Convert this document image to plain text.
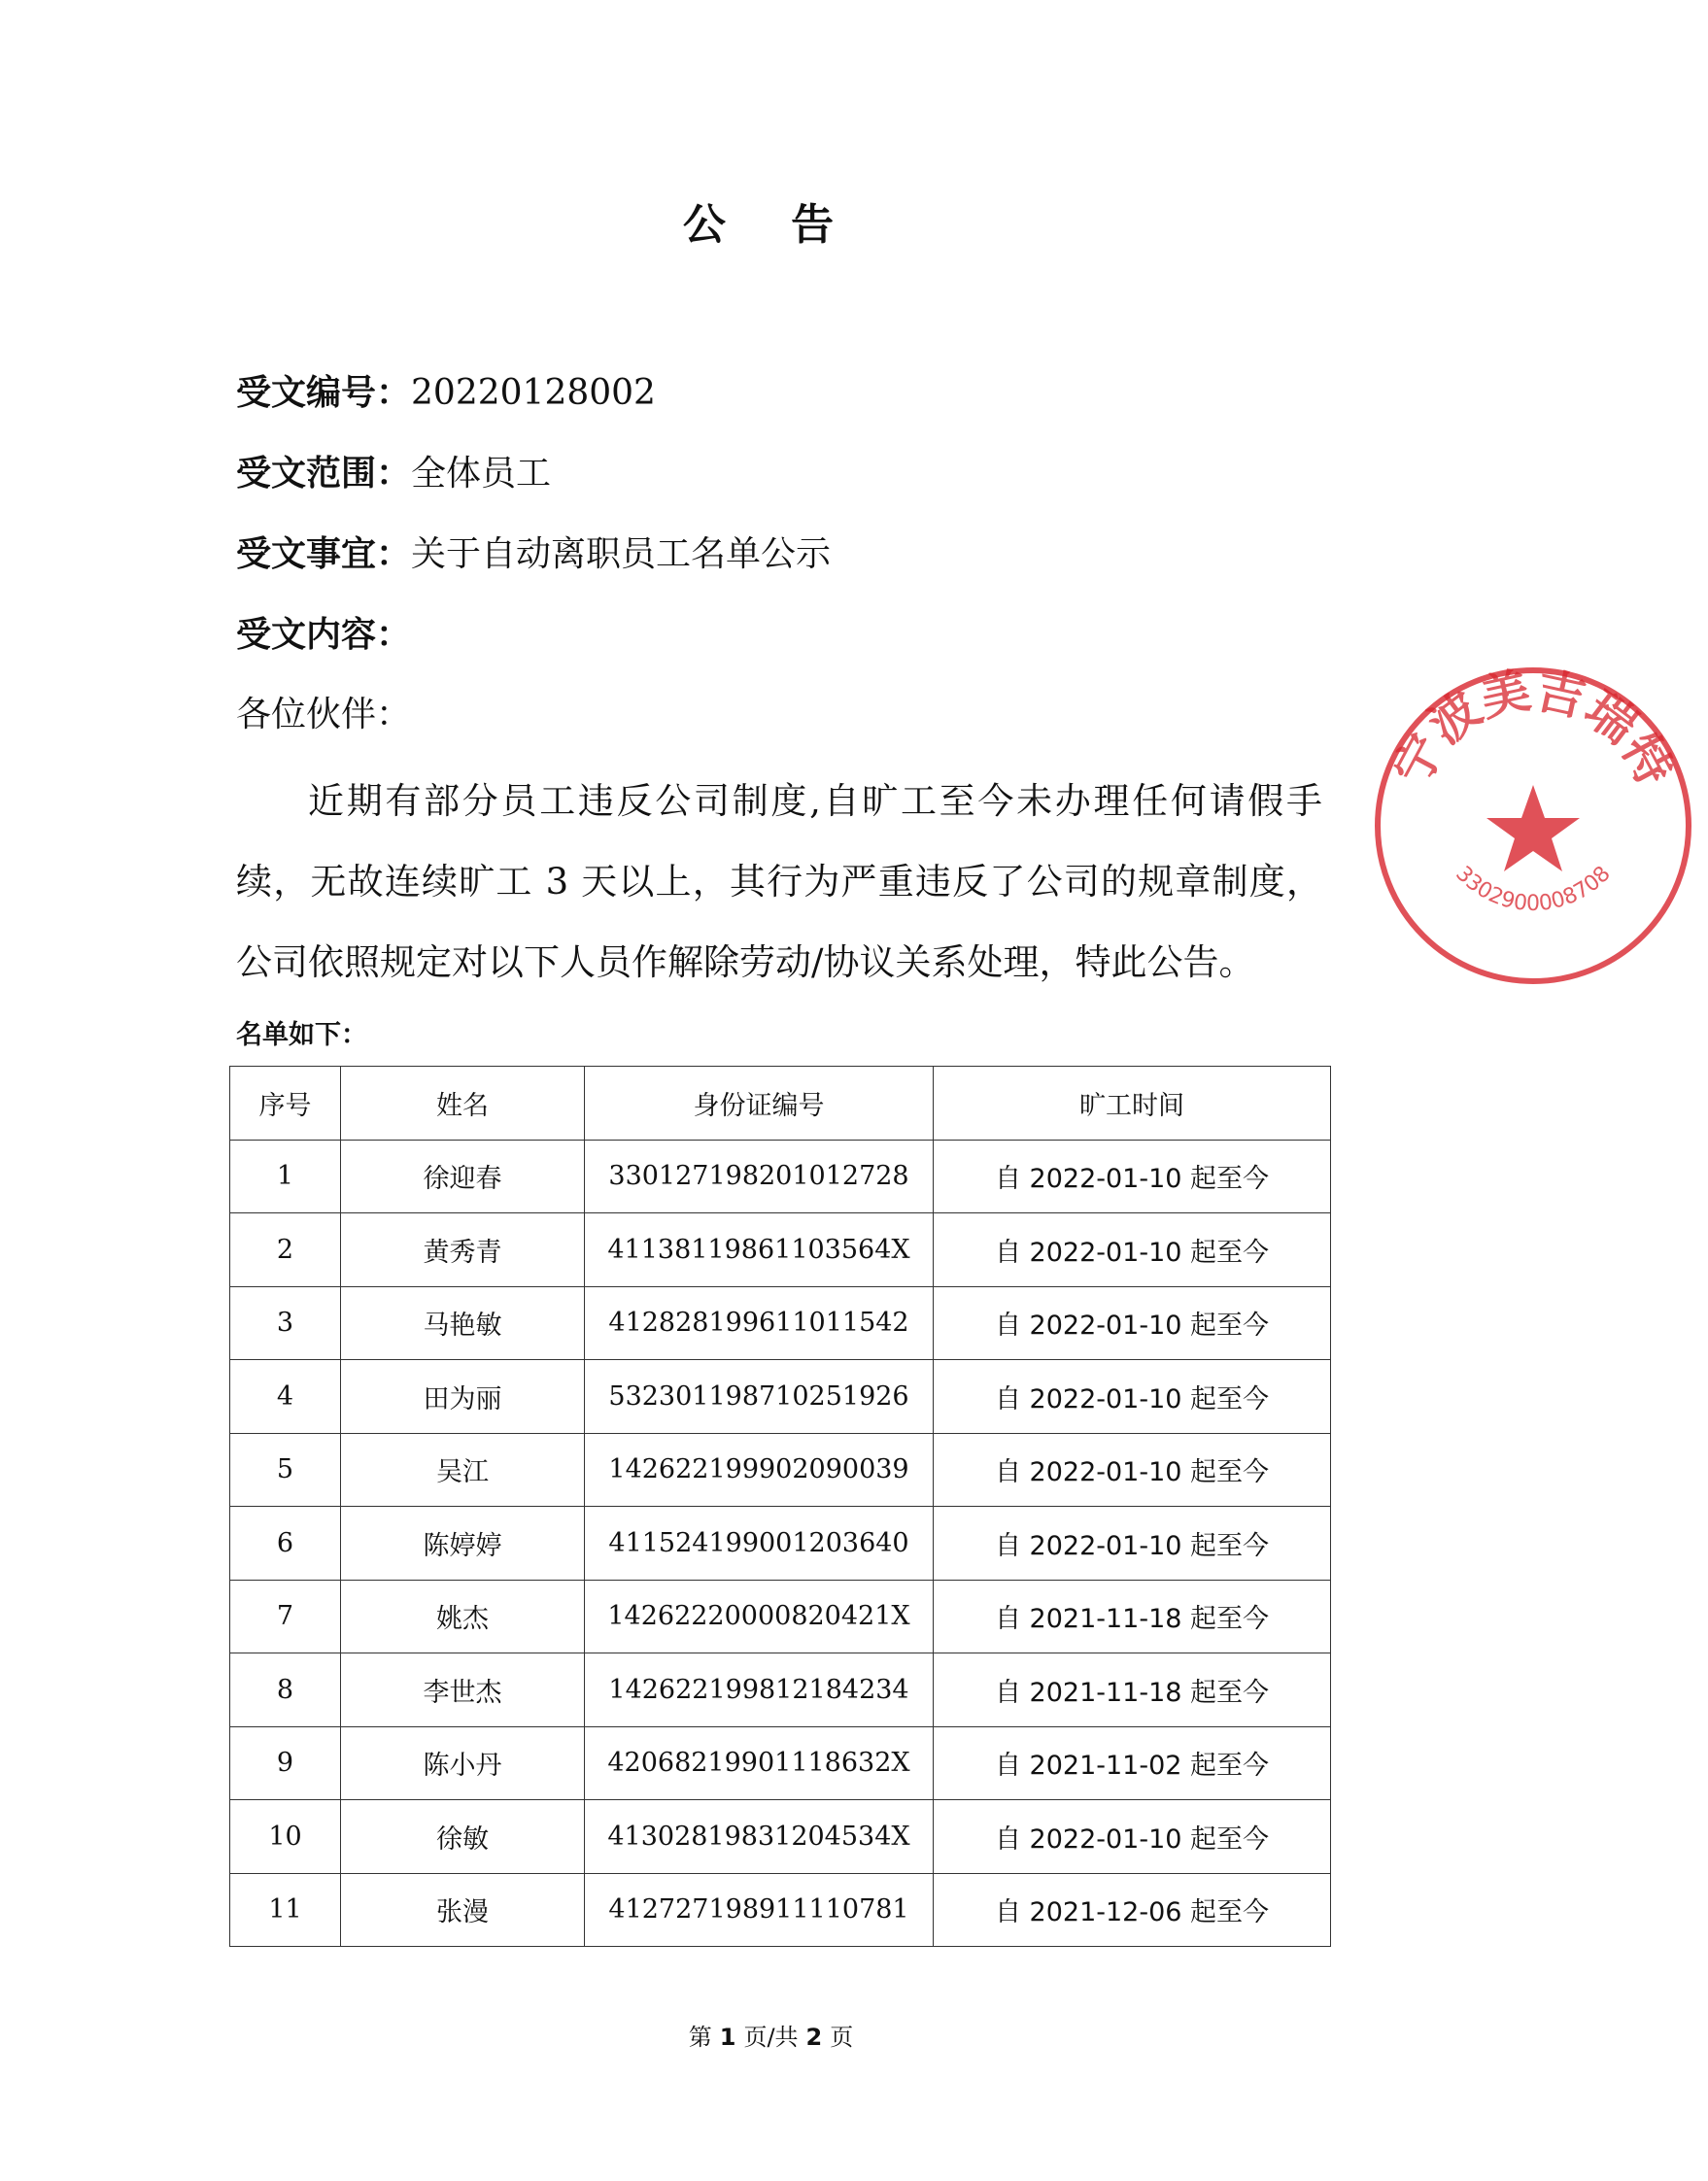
公 告
受文编号：20220128002
受文范围：全体员工
受文事宜：关于自动离职员工名单公示
受文内容：
各位伙伴：
近期有部分员工违反公司制度,自旷工至今未办理任何请假手续，无故连续旷工 3 天以上，其行为严重违反了公司的规章制度，公司依照规定对以下人员作解除劳动/协议关系处理，特此公告。
名单如下：
序号	姓名	身份证编号	旷工时间
1	徐迎春	330127198201012728	自 2022-01-10 起至今
2	黄秀青	41138119861103564X	自 2022-01-10 起至今
3	马艳敏	412828199611011542	自 2022-01-10 起至今
4	田为丽	532301198710251926	自 2022-01-10 起至今
5	吴江	142622199902090039	自 2022-01-10 起至今
6	陈婷婷	411524199001203640	自 2022-01-10 起至今
7	姚杰	14262220000820421X	自 2021-11-18 起至今
8	李世杰	142622199812184234	自 2021-11-18 起至今
9	陈小丹	42068219901118632X	自 2021-11-02 起至今
10	徐敏	41302819831204534X	自 2022-01-10 起至今
11	张漫	412727198911110781	自 2021-12-06 起至今
第 1 页/共 2 页
宁波美吉瑞特
3302900008708
